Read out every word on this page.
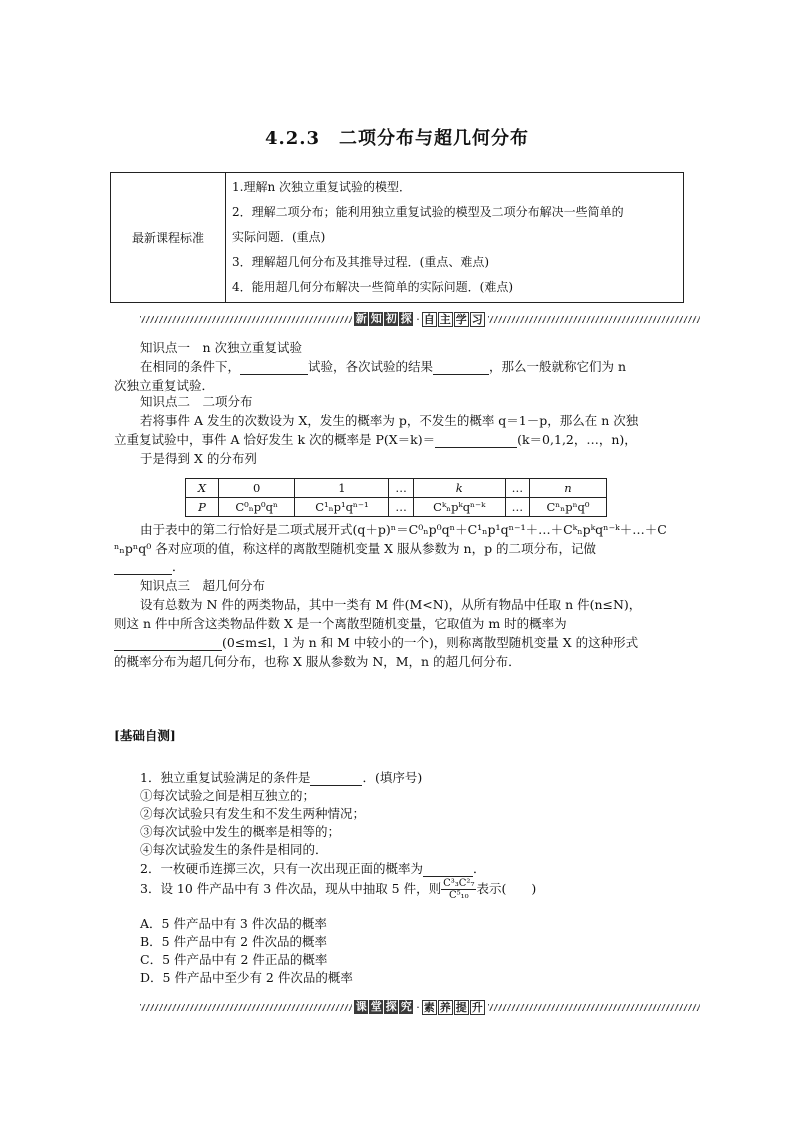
4.2.3　二项分布与超几何分布
最新课程标准	
1.理解n 次独立重复试验的模型．
2．理解二项分布；能利用独立重复试验的模型及二项分布解决一些简单的
实际问题．(重点)
3．理解超几何分布及其推导过程．(重点、难点)
4．能用超几何分布解决一些简单的实际问题．(难点)
新 知 初 探 · 自 主 学 习
知识点一　n 次独立重复试验
在相同的条件下，	试验，各次试验的结果	，那么一般就称它们为 n
次独立重复试验．
知识点二　二项分布
若将事件 A 发生的次数设为 X，发生的概率为 p，不发生的概率 q＝1－p，那么在 n 次独
立重复试验中，事件 A 恰好发生 k 次的概率是 P(X＝k)＝	(k＝0,1,2，…，n)，
于是得到 X 的分布列
X	0	1	…	k	…	n
P	C⁰ₙp⁰qⁿ	C¹ₙp¹qⁿ⁻¹	…	Cᵏₙpᵏqⁿ⁻ᵏ	…	Cⁿₙpⁿq⁰
由于表中的第二行恰好是二项式展开式(q＋p)ⁿ＝C⁰ₙp⁰qⁿ＋C¹ₙp¹qⁿ⁻¹＋…＋Cᵏₙpᵏqⁿ⁻ᵏ＋…＋C
ⁿₙpⁿq⁰ 各对应项的值，称这样的离散型随机变量 X 服从参数为 n，p 的二项分布，记做
．
知识点三　超几何分布
设有总数为 N 件的两类物品，其中一类有 M 件(M<N)，从所有物品中任取 n 件(n≤N)，
则这 n 件中所含这类物品件数 X 是一个离散型随机变量，它取值为 m 时的概率为
(0≤m≤l，l 为 n 和 M 中较小的一个)，则称离散型随机变量 X 的这种形式
的概率分布为超几何分布，也称 X 服从参数为 N，M，n 的超几何分布．
[基础自测]
1．独立重复试验满足的条件是	．(填序号)
①每次试验之间是相互独立的；
②每次试验只有发生和不发生两种情况；
③每次试验中发生的概率是相等的；
④每次试验发生的条件是相同的．
2．一枚硬币连掷三次，只有一次出现正面的概率为	．
3．设 10 件产品中有 3 件次品，现从中抽取 5 件，则 $\frac{\text{C³₃C²₇}}{\text{C⁵₁₀}}$ 表示(　　)
A．5 件产品中有 3 件次品的概率
B．5 件产品中有 2 件次品的概率
C．5 件产品中有 2 件正品的概率
D．5 件产品中至少有 2 件次品的概率
课 堂 探 究 · 素 养 提 升
